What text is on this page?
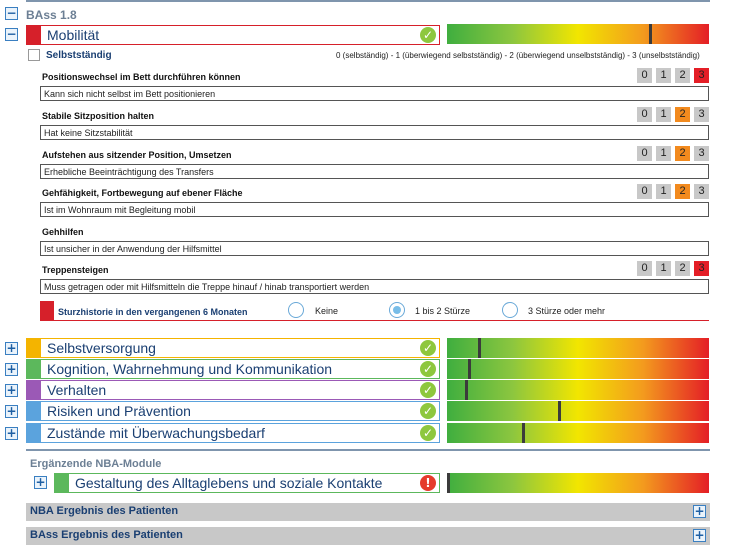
− BAss 1.8
− Mobilität	✓
Selbstständig	0 (selbständig) - 1 (überwiegend selbstständig) - 2 (überwiegend unselbstständig) - 3 (unselbstständig)
Positionswechsel im Bett durchführen können
Kann sich nicht selbst im Bett positionieren
0	1	2	3
Stabile Sitzposition halten
Hat keine Sitzstabilität
0	1	2	3
Aufstehen aus sitzender Position, Umsetzen
Erhebliche Beeinträchtigung des Transfers
0	1	2	3
Gehfähigkeit, Fortbewegung auf ebener Fläche
Ist im Wohnraum mit Begleitung mobil
0	1	2	3
Gehhilfen
Ist unsicher in der Anwendung der Hilfsmittel
Treppensteigen
Muss getragen oder mit Hilfsmitteln die Treppe hinauf / hinab transportiert werden
0	1	2	3
Sturzhistorie in den vergangenen 6 Monaten	Keine	1 bis 2 Stürze	3 Stürze oder mehr
+ Selbstversorgung	✓
+ Kognition, Wahrnehmung und Kommunikation	✓
+ Verhalten	✓
+ Risiken und Prävention	✓
+ Zustände mit Überwachungsbedarf	✓
Ergänzende NBA-Module
+ Gestaltung des Alltaglebens und soziale Kontakte	!
NBA Ergebnis des Patienten	+
BAss Ergebnis des Patienten	+
